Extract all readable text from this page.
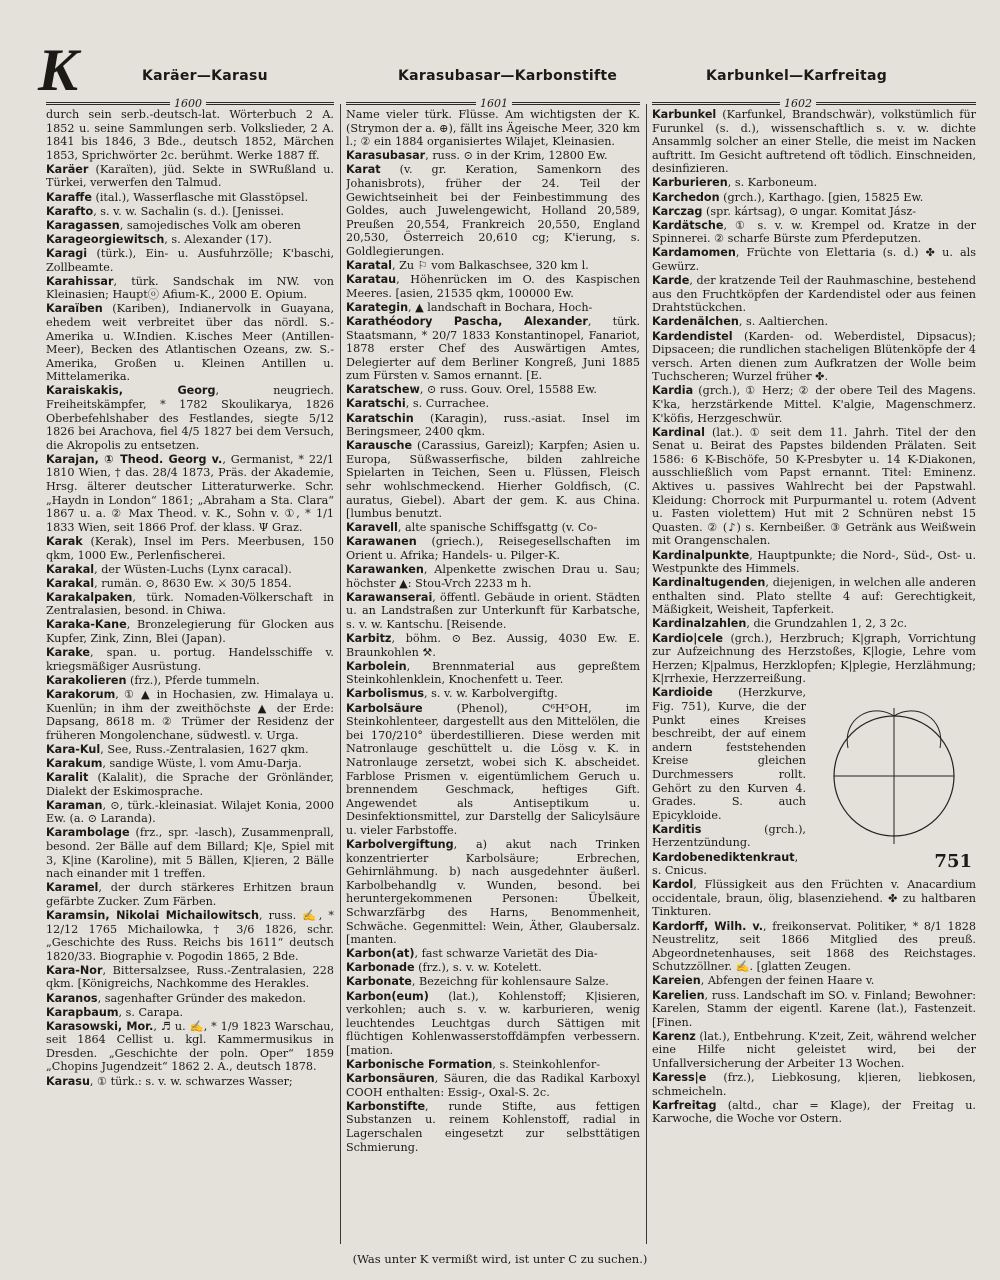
K	Karäer—Karasu	Karasubasar—Karbonstifte	Karbunkel—Karfreitag
1600	1601	1602

durch sein serb.-deutsch-lat. Wörterbuch 2 A. 1852 u. seine Sammlungen serb. Volkslieder, 2 A. 1841 bis 1846, 3 Bde., deutsch 1852, Märchen 1853, Sprichwörter 2c. berühmt. Werke 1887 ff.

Karäer (Karaïten), jüd. Sekte in SWRußland u. Türkei, verwerfen den Talmud.

Karaffe (ital.), Wasserflasche mit Glasstöpsel.

Karafto, s. v. w. Sachalin (s. d.). [Jenissei.

Karagassen, samojedisches Volk am oberen

Karageorgiewitsch, s. Alexander (17).

Karagi (türk.), Ein- u. Ausfuhrzölle; K'baschi, Zollbeamte.

Karahissar, türk. Sandschak im NW. von Kleinasien; Hauptⓞ Afium-K., 2000 E. Opium.

Karaïben (Kariben), Indianervolk in Guayana, ehedem weit verbreitet über das nördl. S.-Amerika u. W.Indien. K.isches Meer (Antillen-Meer), Becken des Atlantischen Ozeans, zw. S.-Amerika, Großen u. Kleinen Antillen u. Mittelamerika.

Karaiskakis, Georg, neugriech. Freiheitskämpfer, * 1782 Skoulikarya, 1826 Oberbefehlshaber des Festlandes, siegte 5/12 1826 bei Arachova, fiel 4/5 1827 bei dem Versuch, die Akropolis zu entsetzen.

Karajan, ① Theod. Georg v., Germanist, * 22/1 1810 Wien, † das. 28/4 1873, Präs. der Akademie, Hrsg. älterer deutscher Litteraturwerke. Schr. „Haydn in London“ 1861; „Abraham a Sta. Clara“ 1867 u. a. ② Max Theod. v. K., Sohn v. ①, * 1/1 1833 Wien, seit 1866 Prof. der klass. Ψ Graz.

Karak (Kerak), Insel im Pers. Meerbusen, 150 qkm, 1000 Ew., Perlenfischerei.

Karakal, der Wüsten-Luchs (Lynx caracal).

Karakal, rumän. ⊙, 8630 Ew. ⚔ 30/5 1854.

Karakalpaken, türk. Nomaden-Völkerschaft in Zentralasien, besond. in Chiwa.

Karaka-Kane, Bronzelegierung für Glocken aus Kupfer, Zink, Zinn, Blei (Japan).

Karake, span. u. portug. Handelsschiffe v. kriegsmäßiger Ausrüstung.

Karakolieren (frz.), Pferde tummeln.

Karakorum, ① ▲ in Hochasien, zw. Himalaya u. Kuenlün; in ihm der zweithöchste ▲ der Erde: Dapsang, 8618 m. ② Trümer der Residenz der früheren Mongolenchane, südwestl. v. Urga.

Kara-Kul, See, Russ.-Zentralasien, 1627 qkm.

Karakum, sandige Wüste, l. vom Amu-Darja.

Karalit (Kalalit), die Sprache der Grönländer, Dialekt der Eskimosprache.

Karaman, ⊙, türk.-kleinasiat. Wilajet Konia, 2000 Ew. (a. ⊙ Laranda).

Karambolage (frz., spr. -lasch), Zusammenprall, besond. 2er Bälle auf dem Billard; K|e, Spiel mit 3, K|ine (Karoline), mit 5 Bällen, K|ieren, 2 Bälle nach einander mit 1 treffen.

Karamel, der durch stärkeres Erhitzen braun gefärbte Zucker. Zum Färben.

Karamsin, Nikolai Michailowitsch, russ. ✍, * 12/12 1765 Michailowka, † 3/6 1826, schr. „Geschichte des Russ. Reichs bis 1611“ deutsch 1820/33. Biographie v. Pogodin 1865, 2 Bde.

Kara-Nor, Bittersalzsee, Russ.-Zentralasien, 228 qkm. [Königreichs, Nachkomme des Herakles.

Karanos, sagenhafter Gründer des makedon.

Karapbaum, s. Carapa.

Karasowski, Mor., ♬ u. ✍, * 1/9 1823 Warschau, seit 1864 Cellist u. kgl. Kammermusikus in Dresden. „Geschichte der poln. Oper“ 1859 „Chopins Jugendzeit“ 1862 2. A., deutsch 1878.

Karasu, ① türk.: s. v. w. schwarzes Wasser;

Name vieler türk. Flüsse. Am wichtigsten der K. (Strymon der a. ⊕), fällt ins Ägeische Meer, 320 km l.; ② ein 1884 organisiertes Wilajet, Kleinasien.

Karasubasar, russ. ⊙ in der Krim, 12800 Ew.

Karat (v. gr. Keration, Samenkorn des Johanisbrots), früher der 24. Teil der Gewichtseinheit bei der Feinbestimmung des Goldes, auch Juwelengewicht, Holland 20,589, Preußen 20,554, Frankreich 20,550, England 20,530, Österreich 20,610 cg; K'ierung, s. Goldlegierungen.

Karatal, Zu ⚐ vom Balkaschsee, 320 km l.

Karatau, Höhenrücken im O. des Kaspischen Meeres. [asien, 21535 qkm, 100000 Ew.

Karategin, ▲ landschaft in Bochara, Hoch-

Karathéodory Pascha, Alexander, türk. Staatsmann, * 20/7 1833 Konstantinopel, Fanariot, 1878 erster Chef des Auswärtigen Amtes, Delegierter auf dem Berliner Kongreß, Juni 1885 zum Fürsten v. Samos ernannt. [E.

Karatschew, ⊙ russ. Gouv. Orel, 15588 Ew.

Karatschi, s. Currachee.

Karatschin (Karagin), russ.-asiat. Insel im Beringsmeer, 2400 qkm.

Karausche (Carassius, Gareizl); Karpfen; Asien u. Europa, Süßwasserfische, bilden zahlreiche Spielarten in Teichen, Seen u. Flüssen, Fleisch sehr wohlschmeckend. Hierher Goldfisch, (C. auratus, Giebel). Abart der gem. K. aus China. [lumbus benutzt.

Karavell, alte spanische Schiffsgattg (v. Co-

Karawanen (griech.), Reisegesellschaften im Orient u. Afrika; Handels- u. Pilger-K.

Karawanken, Alpenkette zwischen Drau u. Sau; höchster ▲: Stou-Vrch 2233 m h.

Karawanserai, öffentl. Gebäude in orient. Städten u. an Landstraßen zur Unterkunft für Karbatsche, s. v. w. Kantschu. [Reisende.

Karbitz, böhm. ⊙ Bez. Aussig, 4030 Ew. E. Braunkohlen ⚒.

Karbolein, Brennmaterial aus gepreßtem Steinkohlenklein, Knochenfett u. Teer.

Karbolismus, s. v. w. Karbolvergiftg.

Karbolsäure (Phenol), C⁶H⁵OH, im Steinkohlenteer, dargestellt aus den Mittelölen, die bei 170/210° überdestillieren. Diese werden mit Natronlauge geschüttelt u. die Lösg v. K. in Natronlauge zersetzt, wobei sich K. abscheidet. Farblose Prismen v. eigentümlichem Geruch u. brennendem Geschmack, heftiges Gift. Angewendet als Antiseptikum u. Desinfektionsmittel, zur Darstellg der Salicylsäure u. vieler Farbstoffe.

Karbolvergiftung, a) akut nach Trinken konzentrierter Karbolsäure; Erbrechen, Gehirnlähmung. b) nach ausgedehnter äußerl. Karbolbehandlg v. Wunden, besond. bei heruntergekommenen Personen: Übelkeit, Schwarzfärbg des Harns, Benommenheit, Schwäche. Gegenmittel: Wein, Äther, Glaubersalz. [manten.

Karbon(at), fast schwarze Varietät des Dia-

Karbonade (frz.), s. v. w. Kotelett.

Karbonate, Bezeichng für kohlensaure Salze.

Karbon(eum) (lat.), Kohlenstoff; K|isieren, verkohlen; auch s. v. w. karburieren, wenig leuchtendes Leuchtgas durch Sättigen mit flüchtigen Kohlenwasserstoffdämpfen verbessern. [mation.

Karbonische Formation, s. Steinkohlenfor-

Karbonsäuren, Säuren, die das Radikal Karboxyl COOH enthalten: Essig-, Oxal-S. 2c.

Karbonstifte, runde Stifte, aus fettigen Substanzen u. reinem Kohlenstoff, radial in Lagerschalen eingesetzt zur selbsttätigen Schmierung.

Karbunkel (Karfunkel, Brandschwär), volkstümlich für Furunkel (s. d.), wissenschaftlich s. v. w. dichte Ansammlg solcher an einer Stelle, die meist im Nacken auftritt. Im Gesicht auftretend oft tödlich. Einschneiden, desinfizieren.

Karburieren, s. Karboneum.

Karchedon (grch.), Karthago. [gien, 15825 Ew.

Karczag (spr. kártsag), ⊙ ungar. Komitat Jász-

Kardätsche, ① s. v. w. Krempel od. Kratze in der Spinnerei. ② scharfe Bürste zum Pferdeputzen.

Kardamomen, Früchte von Elettaria (s. d.) ✤ u. als Gewürz.

Karde, der kratzende Teil der Rauhmaschine, bestehend aus den Fruchtköpfen der Kardendistel oder aus feinen Drahtstückchen.

Kardenälchen, s. Aaltierchen.

Kardendistel (Karden- od. Weberdistel, Dipsacus); Dipsaceen; die rundlichen stacheligen Blütenköpfe der 4 versch. Arten dienen zum Aufkratzen der Wolle beim Tuchscheren; Wurzel früher ✤.

Kardia (grch.), ① Herz; ② der obere Teil des Magens. K'ka, herzstärkende Mittel. K'algie, Magenschmerz. K'köfis, Herzgeschwür.

Kardinal (lat.). ① seit dem 11. Jahrh. Titel der den Senat u. Beirat des Papstes bildenden Prälaten. Seit 1586: 6 K-Bischöfe, 50 K-Presbyter u. 14 K-Diakonen, ausschließlich vom Papst ernannt. Titel: Eminenz. Aktives u. passives Wahlrecht bei der Papstwahl. Kleidung: Chorrock mit Purpurmantel u. rotem (Advent u. Fasten violettem) Hut mit 2 Schnüren nebst 15 Quasten. ② (♪) s. Kernbeißer. ③ Getränk aus Weißwein mit Orangenschalen.

Kardinalpunkte, Hauptpunkte; die Nord-, Süd-, Ost- u. Westpunkte des Himmels.

Kardinaltugenden, diejenigen, in welchen alle anderen enthalten sind. Plato stellte 4 auf: Gerechtigkeit, Mäßigkeit, Weisheit, Tapferkeit.

Kardinalzahlen, die Grundzahlen 1, 2, 3 2c.

Kardio|cele (grch.), Herzbruch; K|graph, Vorrichtung zur Aufzeichnung des Herzstoßes, K|logie, Lehre vom Herzen; K|palmus, Herzklopfen; K|plegie, Herzlähmung; K|rrhexie, Herzzerreißung.

751

Kardioide (Herzkurve, Fig. 751), Kurve, die der Punkt eines Kreises beschreibt, der auf einem andern feststehenden Kreise gleichen Durchmessers rollt. Gehört zu den Kurven 4. Grades. S. auch Epicykloide.

Karditis (grch.), Herzentzündung.

Kardobenediktenkraut, s. Cnicus.

Kardol, Flüssigkeit aus den Früchten v. Anacardium occidentale, braun, ölig, blasenziehend. ✤ zu haltbaren Tinkturen.

Kardorff, Wilh. v., freikonservat. Politiker, * 8/1 1828 Neustrelitz, seit 1866 Mitglied des preuß. Abgeordnetenhauses, seit 1868 des Reichstages. Schutzzöllner. ✍. [glatten Zeugen.

Kareien, Abfengen der feinen Haare v.

Karelien, russ. Landschaft im SO. v. Finland; Bewohner: Karelen, Stamm der eigentl. Karene (lat.), Fastenzeit. [Finen.

Karenz (lat.), Entbehrung. K'zeit, Zeit, während welcher eine Hilfe nicht geleistet wird, bei der Unfallversicherung der Arbeiter 13 Wochen.

Karess|e (frz.), Liebkosung, k|ieren, liebkosen, schmeicheln.

Karfreitag (altd., char = Klage), der Freitag u. Karwoche, die Woche vor Ostern.

(Was unter K vermißt wird, ist unter C zu suchen.)
